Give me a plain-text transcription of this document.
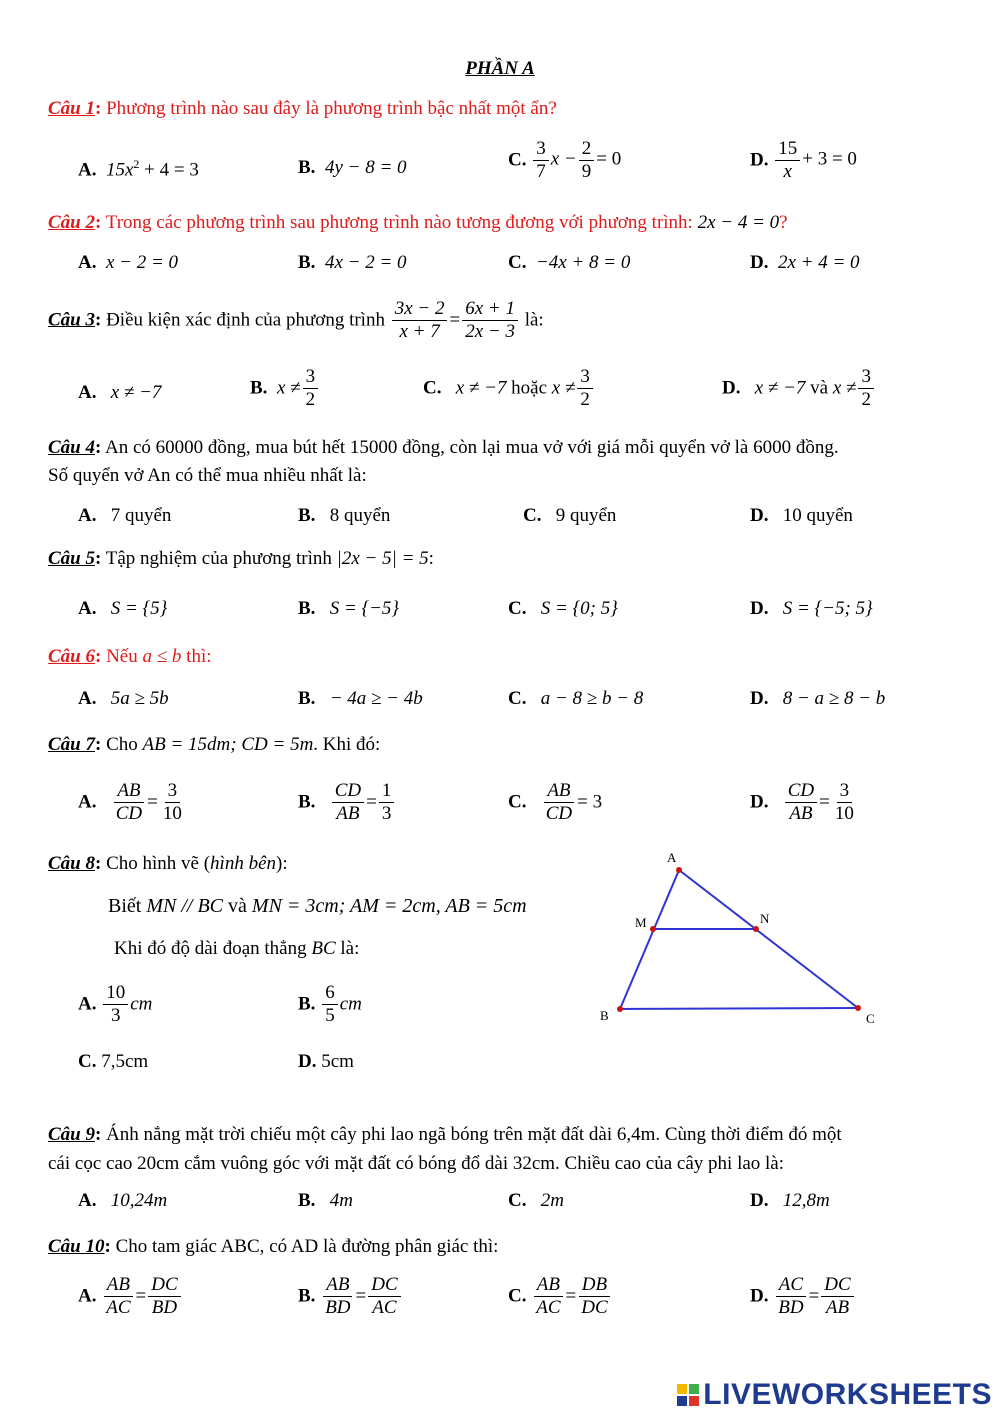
PHẦN A
Câu 1: Phương trình nào sau đây là phương trình bậc nhất một ẩn?
A. $15x^2 + 4 = 3$	B. 4y − 8 = 0	C. $\frac{3}{7}$ $x - \frac{2}{9} = 0$	D. $\frac{15}{x} + 3 = 0$
Câu 2: Trong các phương trình sau phương trình nào tương đương với phương trình: 2x − 4 = 0?
A. x − 2 = 0	B. 4x − 2 = 0	C. −4x + 8 = 0	D. 2x + 4 = 0
Câu 3: Điều kiện xác định của phương trình $\frac{3x - 2}{x + 7} = \frac{6x + 1}{2x - 3}$ là:
A. x ≠ −7	B. $x \ne \frac{3}{2}$	C. x ≠ −7 hoặc $x \ne \frac{3}{2}$	D. x ≠ −7 và $x \ne \frac{3}{2}$
Câu 4: An có 60000 đồng, mua bút hết 15000 đồng, còn lại mua vở với giá mỗi quyển vở là 6000 đồng.
Số quyển vở An có thể mua nhiều nhất là:
A. 7 quyển	B. 8 quyển	C. 9 quyển	D. 10 quyển
Câu 5: Tập nghiệm của phương trình |2x − 5| = 5:
A. S = {5}	B. S = {−5}	C. S = {0; 5}	D. S = {−5; 5}
Câu 6: Nếu a ≤ b thì:
A. 5a ≥ 5b	B. − 4a ≥ − 4b	C. a − 8 ≥ b − 8	D. 8 − a ≥ 8 − b
Câu 7: Cho AB = 15dm; CD = 5m. Khi đó:
A. $\frac{AB}{CD} = \frac{3}{10}$	B. $\frac{CD}{AB} = \frac{1}{3}$	C. $\frac{AB}{CD} = 3$	D. $\frac{CD}{AB} = \frac{3}{10}$
Câu 8: Cho hình vẽ (hình bên):
Biết MN // BC và MN = 3cm; AM = 2cm, AB = 5cm
Khi đó độ dài đoạn thẳng BC là:
A. $\frac{10}{3}$ cm	B. $\frac{6}{5}$ cm
C. 7,5cm	D. 5cm
A
M	N
B	C
Câu 9: Ánh nắng mặt trời chiếu một cây phi lao ngã bóng trên mặt đất dài 6,4m. Cùng thời điểm đó một
cái cọc cao 20cm cắm vuông góc với mặt đất có bóng đổ dài 32cm. Chiều cao của cây phi lao là:
A. 10,24m	B. 4m	C. 2m	D. 12,8m
Câu 10: Cho tam giác ABC, có AD là đường phân giác thì:
A. $\frac{AB}{AC} = \frac{DC}{BD}$	B. $\frac{AB}{BD} = \frac{DC}{AC}$	C. $\frac{AB}{AC} = \frac{DB}{DC}$	D. $\frac{AC}{BD} = \frac{DC}{AB}$
LIVEWORKSHEETS
